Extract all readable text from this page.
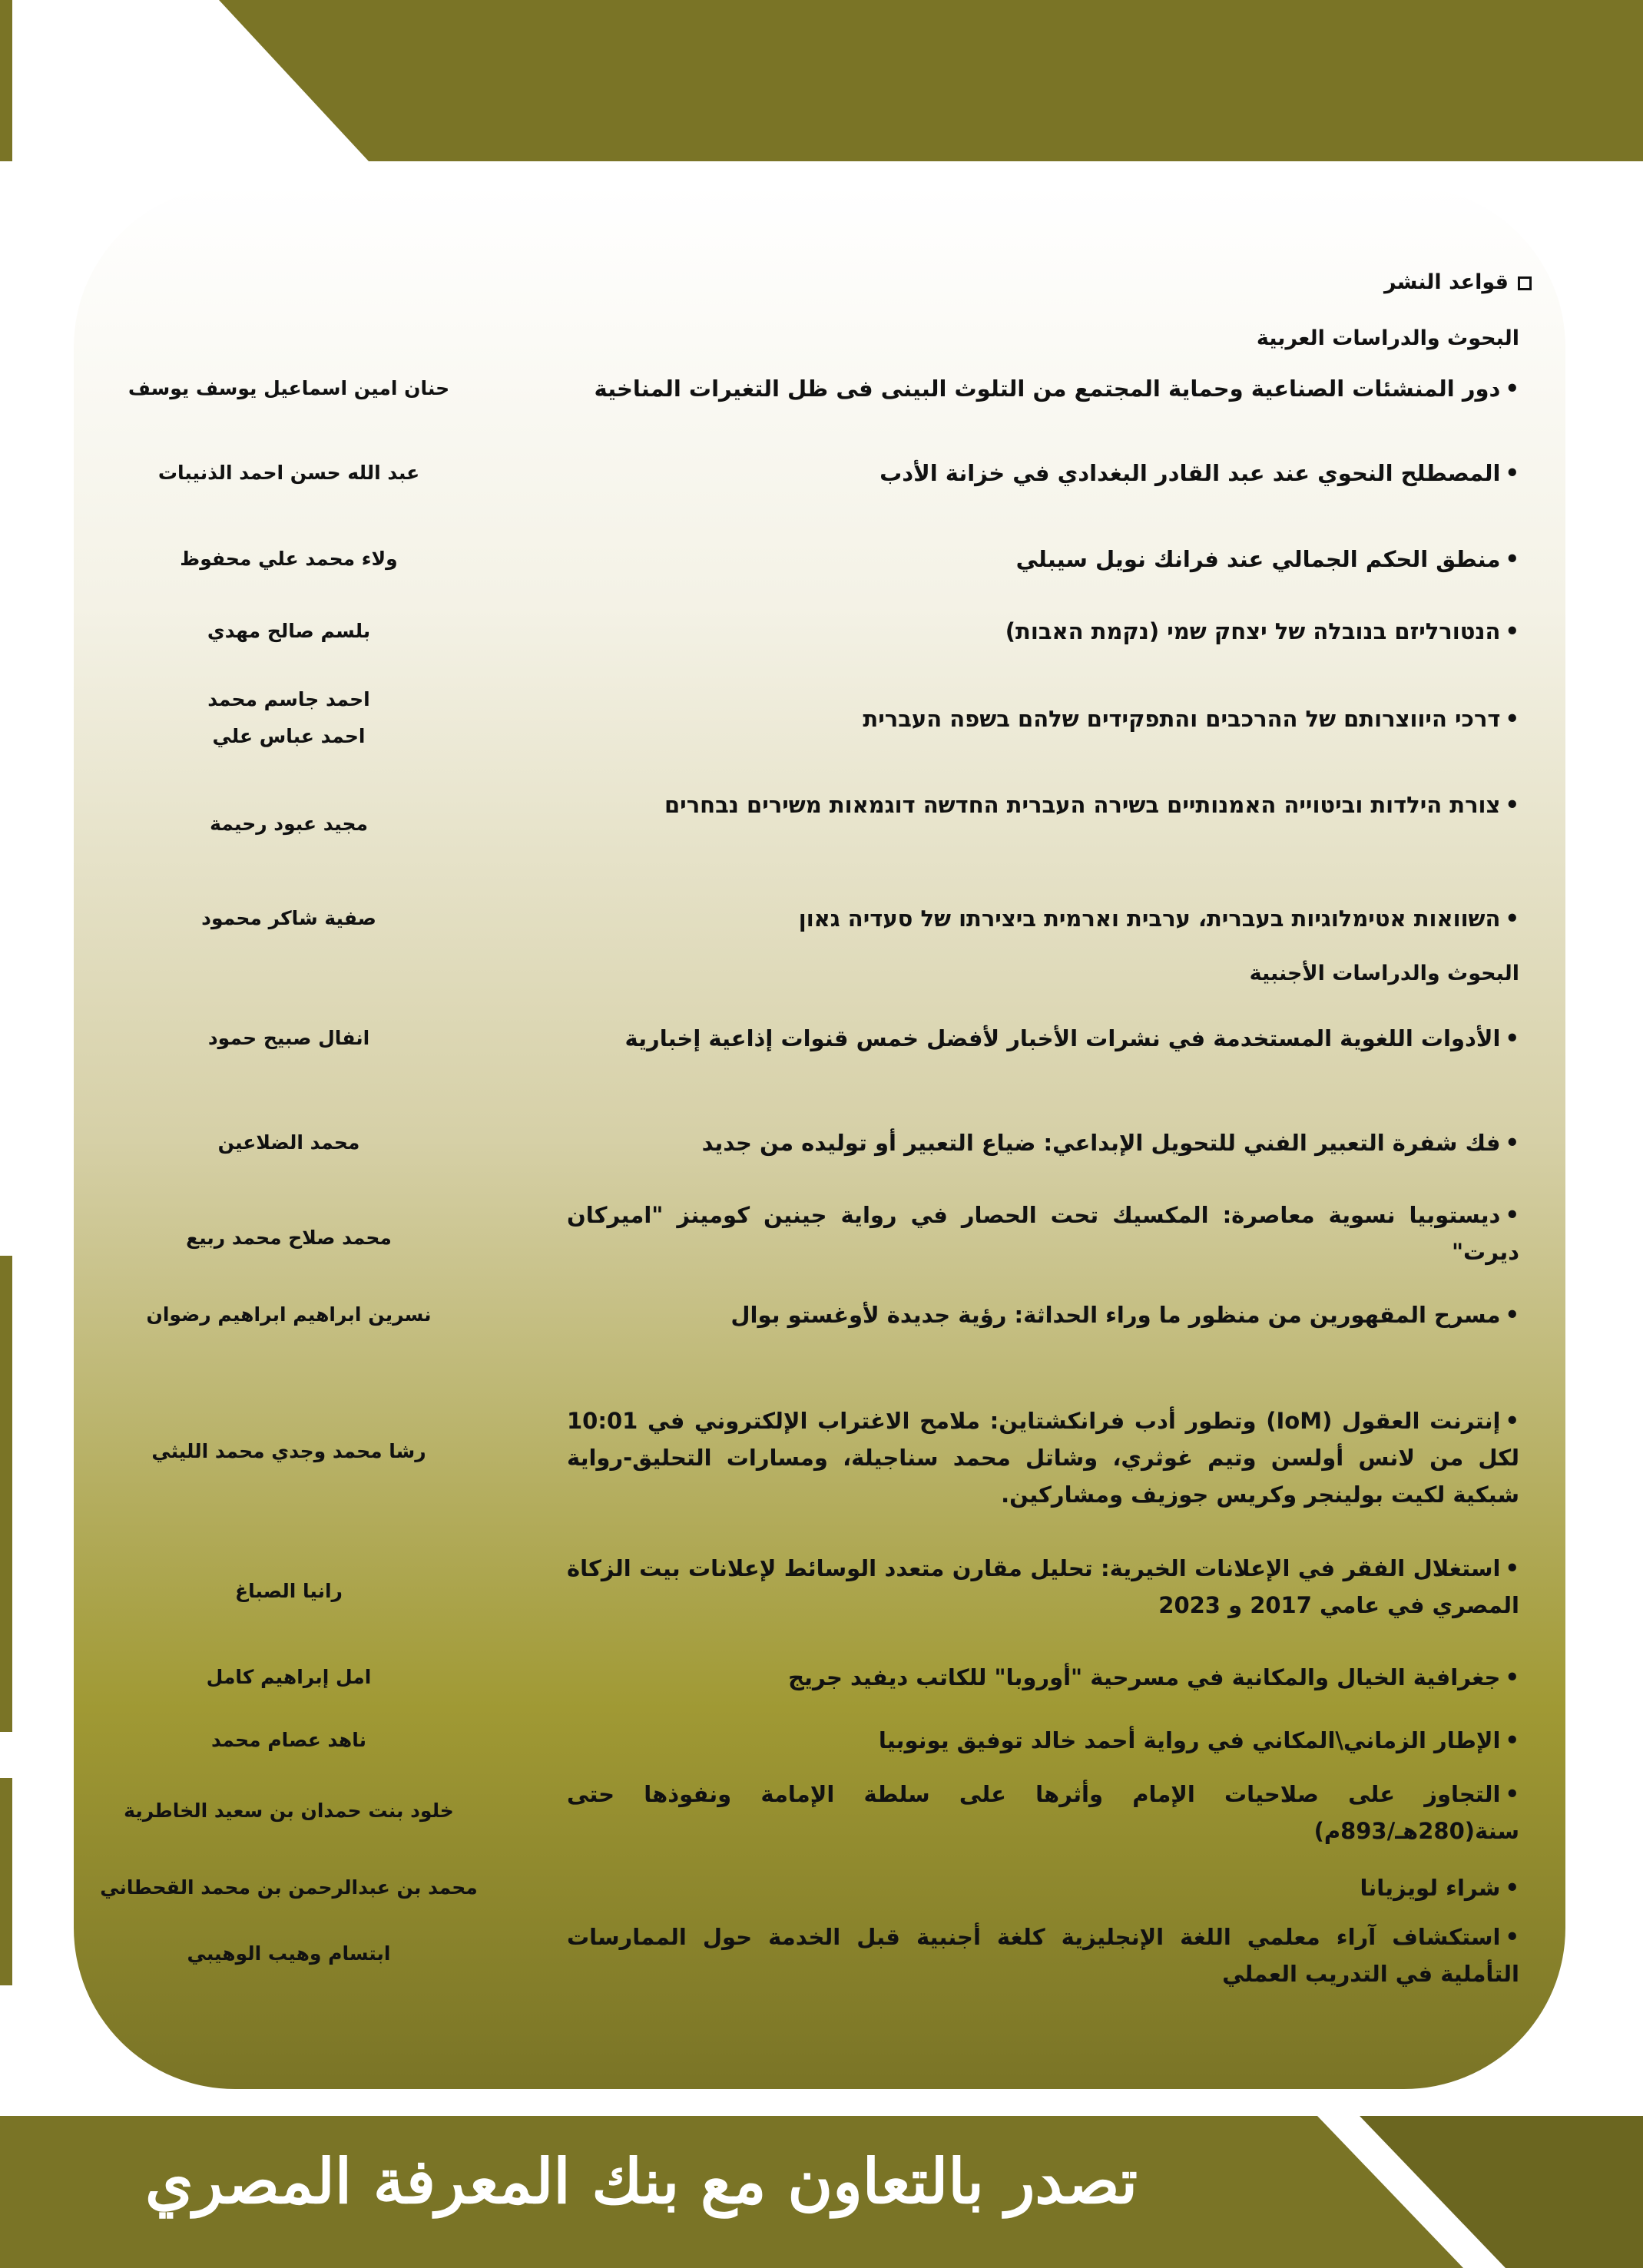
قواعد النشر
البحوث والدراسات العربية
• دور المنشئات الصناعية وحماية المجتمع من التلوث البينى فى ظل التغيرات المناخية
حنان امين اسماعيل يوسف يوسف
• المصطلح النحوي عند عبد القادر البغدادي في خزانة الأدب
عبد الله حسن احمد الذنيبات
• منطق الحكم الجمالي عند فرانك نويل سيبلي
ولاء محمد علي محفوظ
• הנטורליזם בנובלה של יצחק שמי (נקמת האבות)
بلسم صالح مهدي
• דרכי היווצרותם של ההרכבים והתפקידים שלהם בשפה העברית
احمد جاسم محمد
احمد عباس علي
• צורת הילדות וביטוייה האמנותיים בשירה העברית החדשה דוגמאות משירים נבחרים
مجيد عبود رحيمة
• השוואות אטימלוגיות בעברית، ערבית וארמית ביצירתו של סעדיה גאון
صفية شاكر محمود
البحوث والدراسات الأجنبية
• الأدوات اللغوية المستخدمة في نشرات الأخبار لأفضل خمس قنوات إذاعية إخبارية
انفال صبيح حمود
• فك شفرة التعبير الفني للتحويل الإبداعي: ضياع التعبير أو توليده من جديد
محمد الضلاعين
• ديستوبيا نسوية معاصرة: المكسيك تحت الحصار في رواية جينين كومينز "اميركان ديرت"
محمد صلاح محمد ربيع
• مسرح المقهورين من منظور ما وراء الحداثة: رؤية جديدة لأوغستو بوال
نسرين ابراهيم ابراهيم رضوان
• إنترنت العقول (IoM) وتطور أدب فرانكشتاين: ملامح الاغتراب الإلكتروني في 10:01 لكل من لانس أولسن وتيم غوثري، وشاتل محمد سناجيلة، ومسارات التحليق-رواية شبكية لكيت بولينجر وكريس جوزيف ومشاركين.
رشا محمد وجدي محمد الليثي
• استغلال الفقر في الإعلانات الخيرية: تحليل مقارن متعدد الوسائط لإعلانات بيت الزكاة المصري في عامي 2017 و 2023
رانيا الصباغ
• جغرافية الخيال والمكانية في مسرحية "أوروبا" للكاتب ديفيد جريج
امل إبراهيم كامل
• الإطار الزماني\المكاني في رواية أحمد خالد توفيق يونوبيا
ناهد عصام محمد
• التجاوز على صلاحيات الإمام وأثرها على سلطة الإمامة ونفوذها حتى سنة(280هـ/893م)
خلود بنت حمدان بن سعيد الخاطرية
• شراء لويزيانا
محمد بن عبدالرحمن بن محمد القحطاني
• استكشاف آراء معلمي اللغة الإنجليزية كلغة أجنبية قبل الخدمة حول الممارسات التأملية في التدريب العملي
ابتسام وهيب الوهيبي
تصدر بالتعاون مع بنك المعرفة المصري
